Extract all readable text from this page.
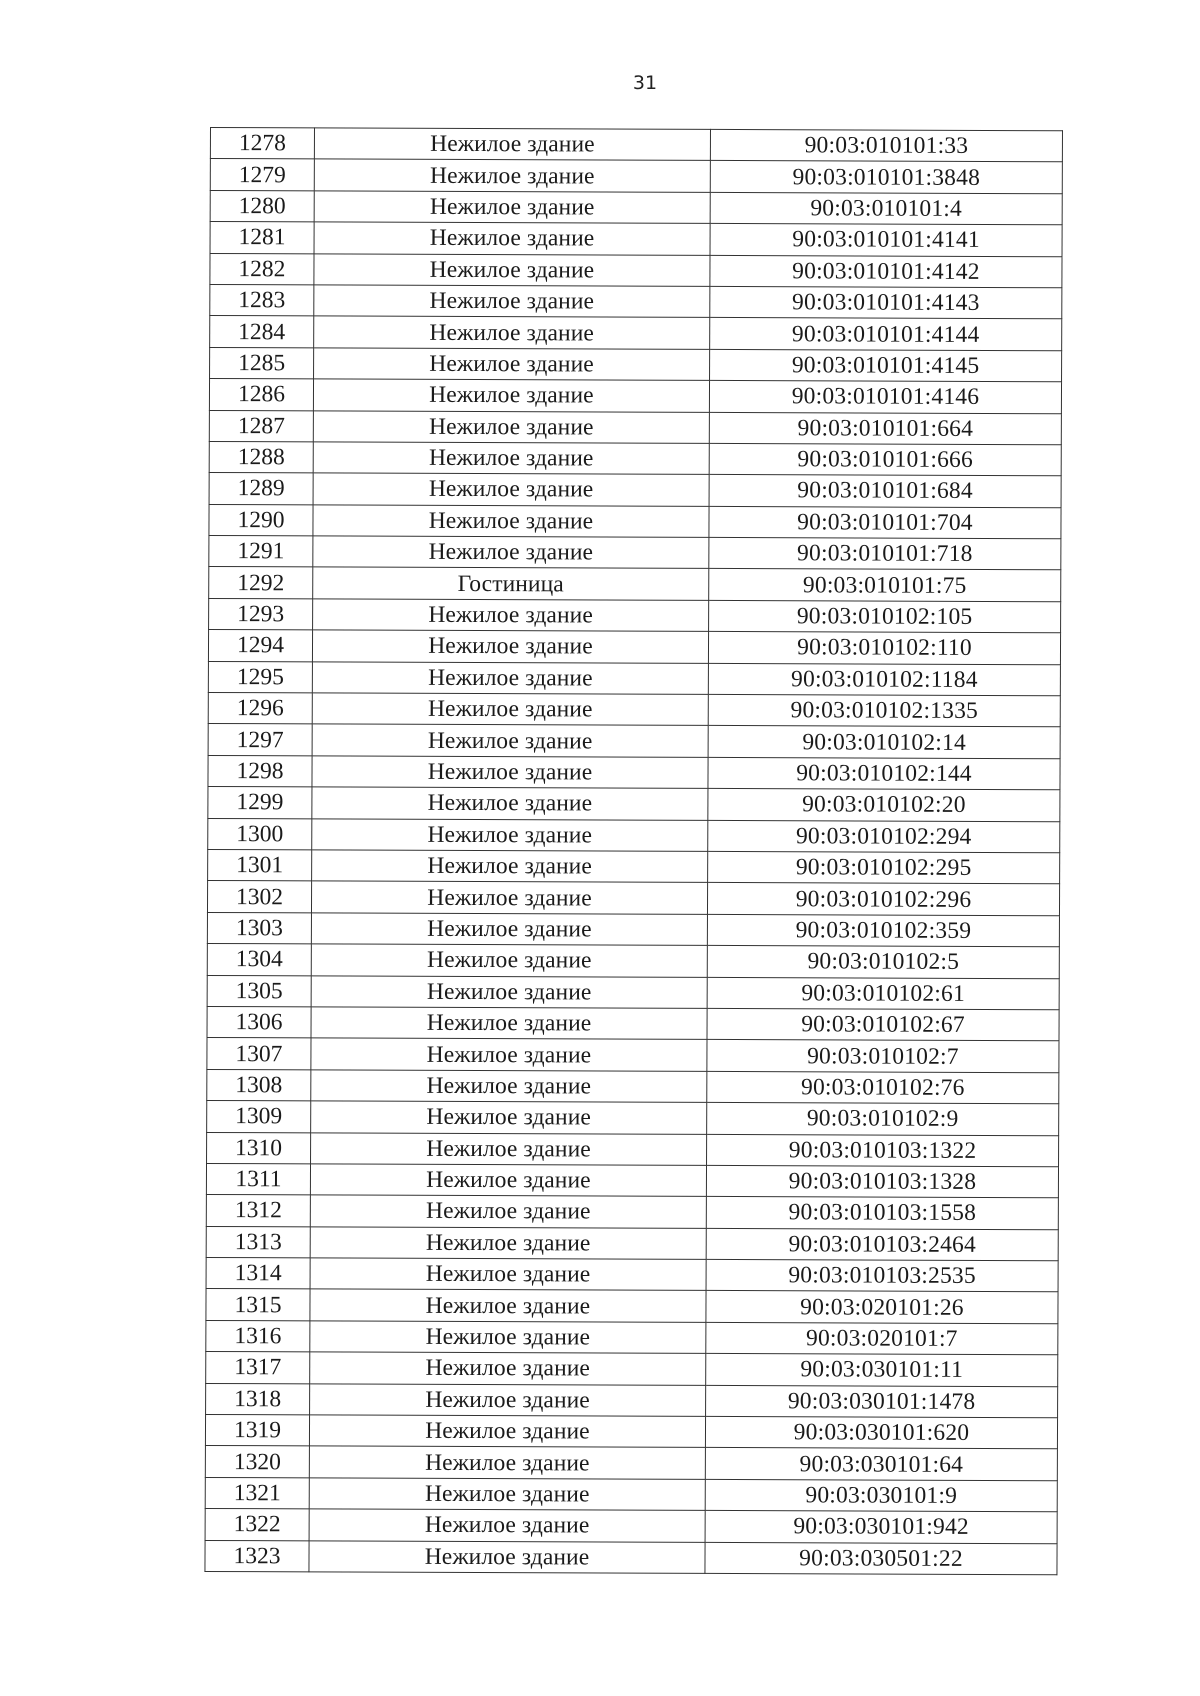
31
1278	Нежилое здание	90:03:010101:33
1279	Нежилое здание	90:03:010101:3848
1280	Нежилое здание	90:03:010101:4
1281	Нежилое здание	90:03:010101:4141
1282	Нежилое здание	90:03:010101:4142
1283	Нежилое здание	90:03:010101:4143
1284	Нежилое здание	90:03:010101:4144
1285	Нежилое здание	90:03:010101:4145
1286	Нежилое здание	90:03:010101:4146
1287	Нежилое здание	90:03:010101:664
1288	Нежилое здание	90:03:010101:666
1289	Нежилое здание	90:03:010101:684
1290	Нежилое здание	90:03:010101:704
1291	Нежилое здание	90:03:010101:718
1292	Гостиница	90:03:010101:75
1293	Нежилое здание	90:03:010102:105
1294	Нежилое здание	90:03:010102:110
1295	Нежилое здание	90:03:010102:1184
1296	Нежилое здание	90:03:010102:1335
1297	Нежилое здание	90:03:010102:14
1298	Нежилое здание	90:03:010102:144
1299	Нежилое здание	90:03:010102:20
1300	Нежилое здание	90:03:010102:294
1301	Нежилое здание	90:03:010102:295
1302	Нежилое здание	90:03:010102:296
1303	Нежилое здание	90:03:010102:359
1304	Нежилое здание	90:03:010102:5
1305	Нежилое здание	90:03:010102:61
1306	Нежилое здание	90:03:010102:67
1307	Нежилое здание	90:03:010102:7
1308	Нежилое здание	90:03:010102:76
1309	Нежилое здание	90:03:010102:9
1310	Нежилое здание	90:03:010103:1322
1311	Нежилое здание	90:03:010103:1328
1312	Нежилое здание	90:03:010103:1558
1313	Нежилое здание	90:03:010103:2464
1314	Нежилое здание	90:03:010103:2535
1315	Нежилое здание	90:03:020101:26
1316	Нежилое здание	90:03:020101:7
1317	Нежилое здание	90:03:030101:11
1318	Нежилое здание	90:03:030101:1478
1319	Нежилое здание	90:03:030101:620
1320	Нежилое здание	90:03:030101:64
1321	Нежилое здание	90:03:030101:9
1322	Нежилое здание	90:03:030101:942
1323	Нежилое здание	90:03:030501:22
